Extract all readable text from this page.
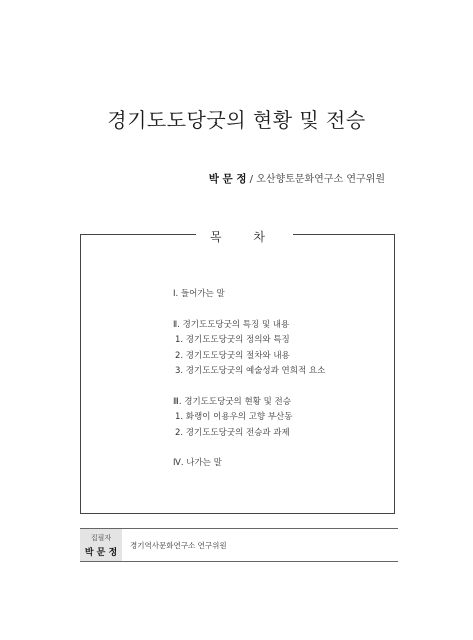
경기도도당굿의 현황 및 전승
박 문 정 / 오산향토문화연구소 연구위원
목 차
Ⅰ. 들어가는 말
Ⅱ. 경기도도당굿의 특징 및 내용
1. 경기도도당굿의 정의와 특징
2. 경기도도당굿의 절차와 내용
3. 경기도도당굿의 예술성과 연희적 요소
Ⅲ. 경기도도당굿의 현황 및 전승
1. 화랭이 이용우의 고향 부산동
2. 경기도도당굿의 전승과 과제
Ⅳ. 나가는 말
집필자
박 문 정
경기역사문화연구소 연구위원
